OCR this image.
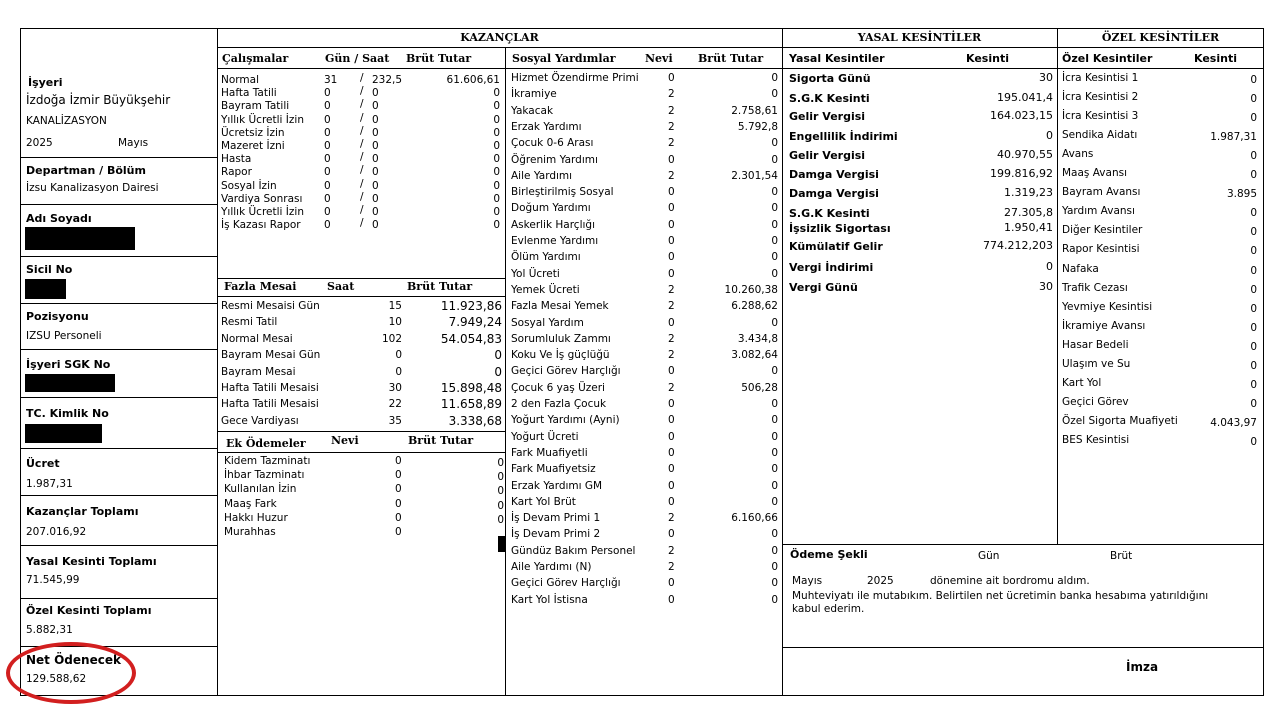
KAZANÇLAR	YASAL KESİNTİLER	ÖZEL KESİNTİLER
İşyeri
İzdoğa İzmir Büyükşehir
KANALİZASYON
2025	Mayıs
Departman / Bölüm
İzsu Kanalizasyon Dairesi
Adı Soyadı
Sicil No
Pozisyonu
IZSU Personeli
İşyeri SGK No
TC. Kimlik No
Ücret
1.987,31
Kazançlar Toplamı
207.016,92
Yasal Kesinti Toplamı
71.545,99
Özel Kesinti Toplamı
5.882,31
Net Ödenecek
129.588,62
Çalışmalar	Gün / Saat Brüt Tutar
Normal	31 / 232,5	61.606,61
Hafta Tatili	0	/ 0	0
Bayram Tatili	0	/ 0	0
Yıllık Ücretli İzin 0	/ 0	0
Ücretsiz İzin	0	/ 0	0
Mazeret İzni	0	/ 0	0
Hasta	0	/ 0	0
Rapor	0	/ 0	0
Sosyal İzin	0	/ 0	0
Vardiya Sonrası 0	/ 0	0
Yıllık Ücretli İzin 0	/ 0	0
İş Kazası Rapor 0	/ 0	0
Fazla Mesai	Saat	Brüt Tutar
Resmi Mesaisi Gün	15	11.923,86
Resmi Tatil	10	7.949,24
Normal Mesai	102	54.054,83
Bayram Mesai Gün	0	0
Bayram Mesai	0	0
Hafta Tatili Mesaisi	30	15.898,48
Hafta Tatili Mesaisi	22	11.658,89
Gece Vardiyası	35	3.338,68
Ek Ödemeler Nevi	Brüt Tutar
Kidem Tazminatı	0	0
İhbar Tazminatı	0	0
Kullanılan İzin	0	0
Maaş Fark	0	0
Hakkı Huzur	0	0
Murahhas	0
Sosyal Yardımlar	Nevi Brüt Tutar
Hizmet Özendirme Primi	0	0
İkramiye	2	0
Yakacak	2	2.758,61
Erzak Yardımı	2	5.792,8
Çocuk 0-6 Arası	2	0
Öğrenim Yardımı	0	0
Aile Yardımı	2	2.301,54
Birleştirilmiş Sosyal	0	0
Doğum Yardımı	0	0
Askerlik Harçlığı	0	0
Evlenme Yardımı	0	0
Ölüm Yardımı	0	0
Yol Ücreti	0	0
Yemek Ücreti	2	10.260,38
Fazla Mesai Yemek	2	6.288,62
Sosyal Yardım	0	0
Sorumluluk Zammı	2	3.434,8
Koku Ve İş güçlüğü	2	3.082,64
Geçici Görev Harçlığı	0	0
Çocuk 6 yaş Üzeri	2	506,28
2 den Fazla Çocuk	0	0
Yoğurt Yardımı (Ayni)	0	0
Yoğurt Ücreti	0	0
Fark Muafiyetli	0	0
Fark Muafiyetsiz	0	0
Erzak Yardımı GM	0	0
Kart Yol Brüt	0	0
İş Devam Primi 1	2	6.160,66
İş Devam Primi 2	0	0
Gündüz Bakım Personel	2	0
Aile Yardımı (N)	2	0
Geçici Görev Harçlığı	0	0
Kart Yol İstisna	0	0
Yasal Kesintiler	Kesinti
Sigorta Günü	30
S.G.K Kesinti	195.041,4
Gelir Vergisi	164.023,15
Engellilik İndirimi	0
Gelir Vergisi	40.970,55
Damga Vergisi	199.816,92
Damga Vergisi	1.319,23
S.G.K Kesinti	27.305,8
İşsizlik Sigortası	1.950,41
Kümülatif Gelir	774.212,203
Vergi İndirimi	0
Vergi Günü	30
Özel Kesintiler	Kesinti
İcra Kesintisi 1	0
İcra Kesintisi 2	0
İcra Kesintisi 3	0
Sendika Aidatı	1.987,31
Avans	0
Maaş Avansı	0
Bayram Avansı	3.895
Yardım Avansı	0
Diğer Kesintiler	0
Rapor Kesintisi	0
Nafaka	0
Trafik Cezası	0
Yevmiye Kesintisi	0
İkramiye Avansı	0
Hasar Bedeli	0
Ulaşım ve Su	0
Kart Yol	0
Geçici Görev	0
Özel Sigorta Muafiyeti	4.043,97
BES Kesintisi	0
Ödeme Şekli	Gün	Brüt
Mayıs	2025	dönemine ait bordromu aldım.
Muhteviyatı ile mutabıkım. Belirtilen net ücretimin banka hesabıma yatırıldığını
kabul ederim.
İmza
